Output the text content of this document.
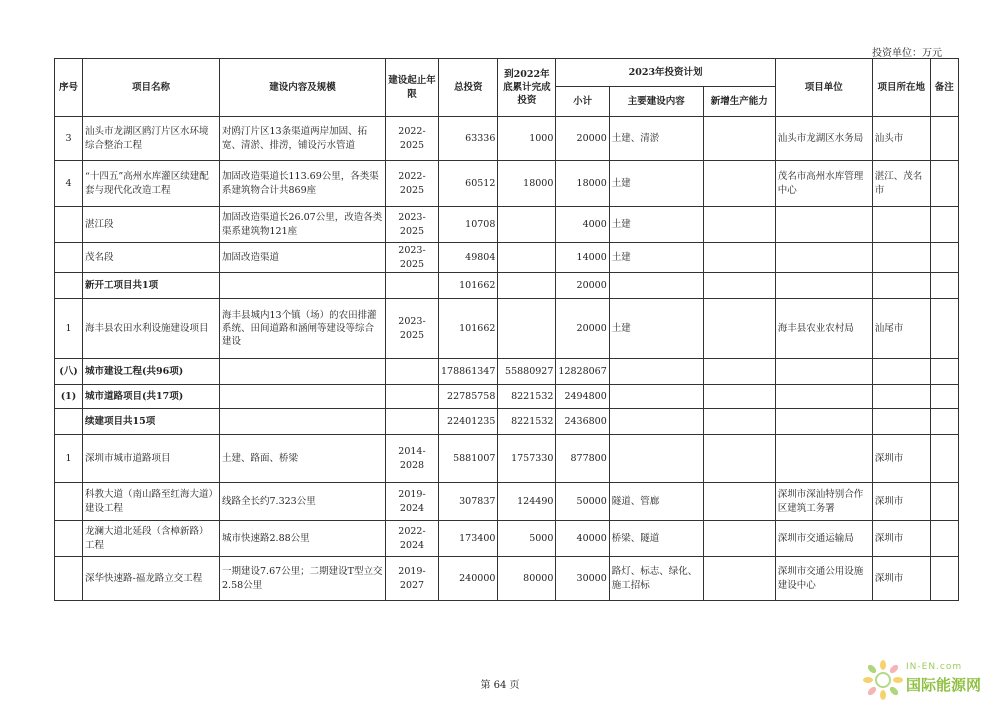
投资单位：万元
序号	项目名称	建设内容及规模	建设起止年限	总投资	到2022年底累计完成投资	2023年投资计划			项目单位	项目所在地	备注
						小计	主要建设内容	新增生产能力			
3	汕头市龙湖区鸥汀片区水环境综合整治工程	对鸥汀片区13条渠道两岸加固、拓宽、清淤、排涝，铺设污水管道	2022-2025	63336	1000	20000	土建、清淤		汕头市龙湖区水务局	汕头市	
4	“十四五”高州水库灌区续建配套与现代化改造工程	加固改造渠道长113.69公里，各类渠系建筑物合计共869座	2022-2025	60512	18000	18000	土建		茂名市高州水库管理中心	湛江、茂名市	
	湛江段	加固改造渠道长26.07公里，改造各类渠系建筑物121座	2023-2025	10708		4000	土建				
	茂名段	加固改造渠道	2023-2025	49804		14000	土建				
	新开工项目共1项			101662		20000					
1	海丰县农田水利设施建设项目	海丰县城内13个镇（场）的农田排灌系统、田间道路和涵闸等建设等综合建设	2023-2025	101662		20000	土建		海丰县农业农村局	汕尾市	
(八)	城市建设工程(共96项)			178861347	55880927	12828067					
(1)	城市道路项目(共17项)			22785758	8221532	2494800					
	续建项目共15项			22401235	8221532	2436800					
1	深圳市城市道路项目	土建、路面、桥梁	2014-2028	5881007	1757330	877800				深圳市	
	科教大道（南山路至红海大道）建设工程	线路全长约7.323公里	2019-2024	307837	124490	50000	隧道、管廊		深圳市深汕特别合作区建筑工务署	深圳市	
	龙澜大道北延段（含樟新路）工程	城市快速路2.88公里	2022-2024	173400	5000	40000	桥梁、隧道		深圳市交通运输局	深圳市	
	深华快速路-福龙路立交工程	一期建设7.67公里；二期建设T型立交2.58公里	2019-2027	240000	80000	30000	路灯、标志、绿化、施工招标		深圳市交通公用设施建设中心	深圳市	
第 64 页
IN-EN.com
国际能源网
